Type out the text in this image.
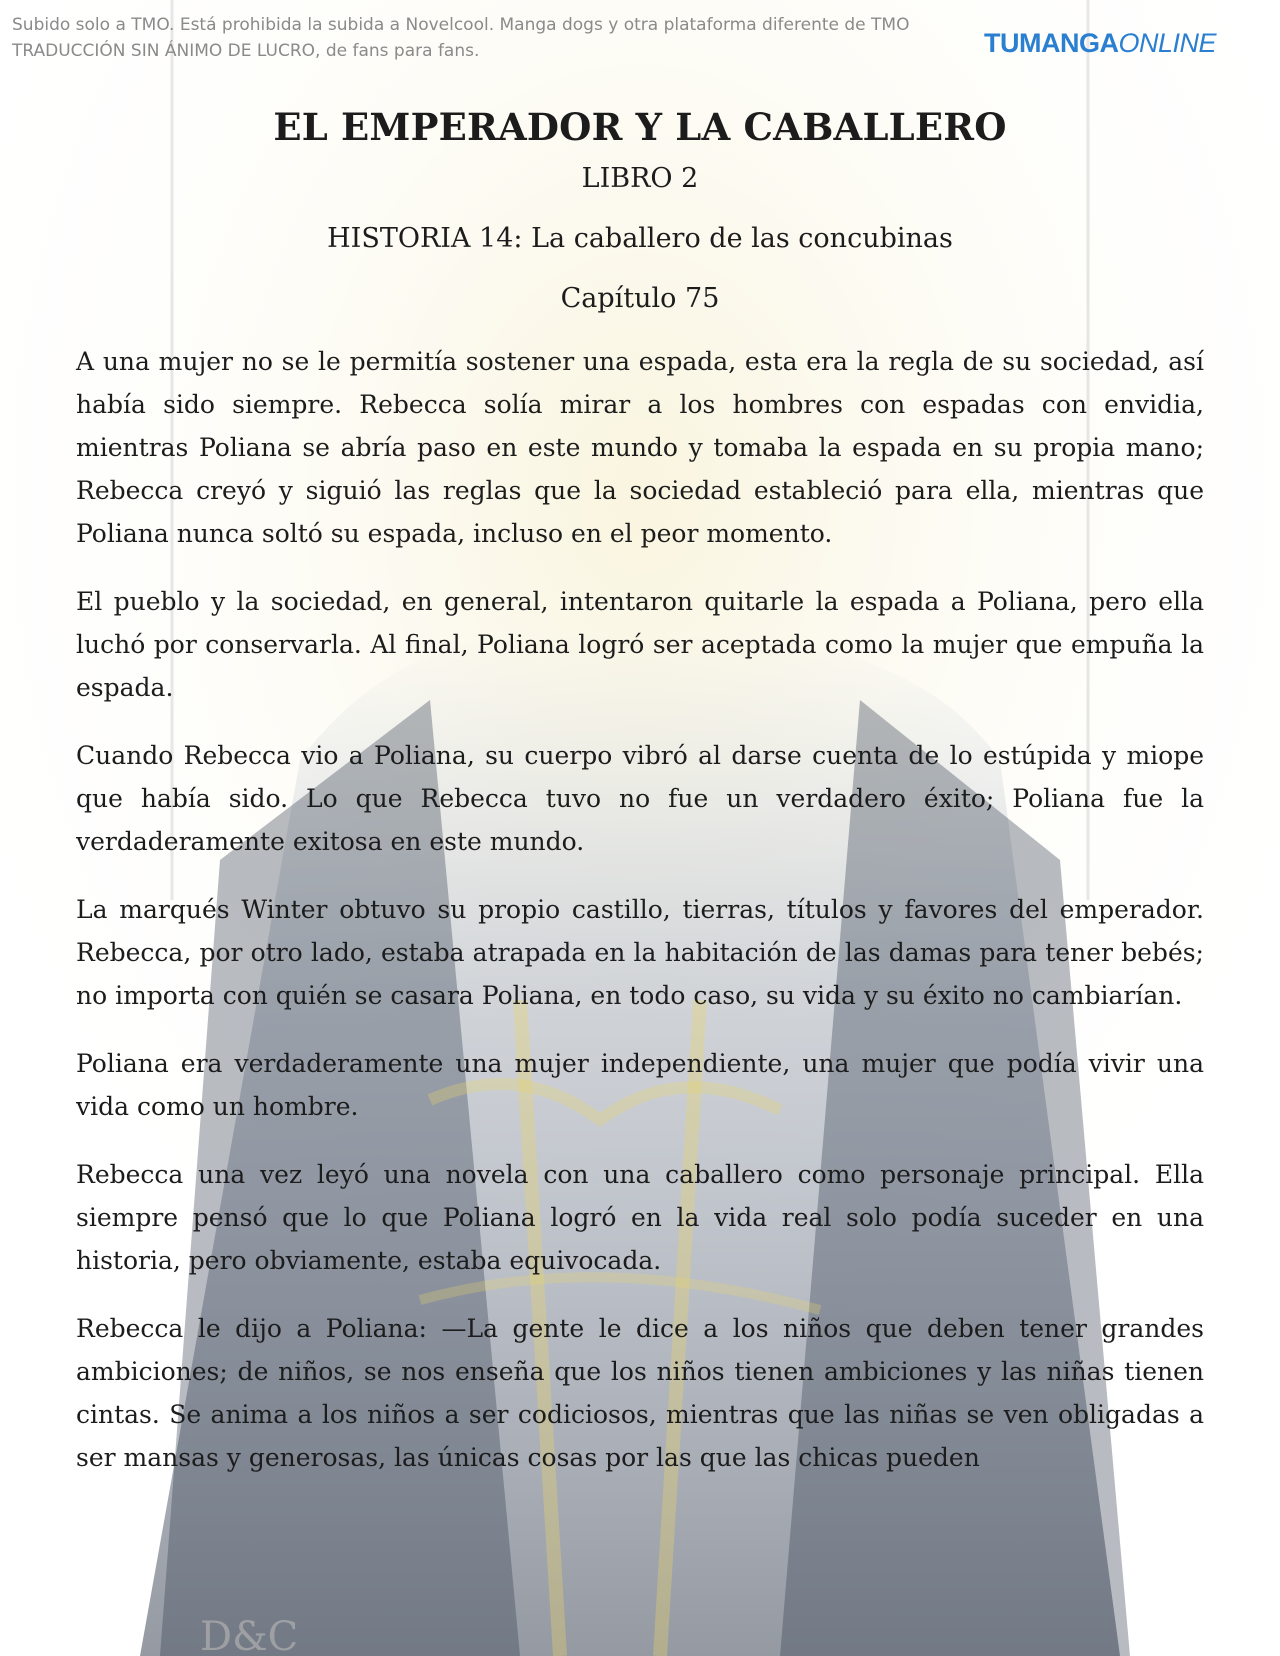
D&C
Subido solo a TMO. Está prohibida la subida a Novelcool. Manga dogs y otra plataforma diferente de TMO
TRADUCCIÓN SIN ÁNIMO DE LUCRO, de fans para fans.	TUMANGAONLINE
EL EMPERADOR Y LA CABALLERO
LIBRO 2
HISTORIA 14: La caballero de las concubinas
Capítulo 75

A una mujer no se le permitía sostener una espada, esta era la regla de su sociedad, así había sido siempre. Rebecca solía mirar a los hombres con espadas con envidia, mientras Poliana se abría paso en este mundo y tomaba la espada en su propia mano; Rebecca creyó y siguió las reglas que la sociedad estableció para ella, mientras que Poliana nunca soltó su espada, incluso en el peor momento.

El pueblo y la sociedad, en general, intentaron quitarle la espada a Poliana, pero ella luchó por conservarla. Al final, Poliana logró ser aceptada como la mujer que empuña la espada.

Cuando Rebecca vio a Poliana, su cuerpo vibró al darse cuenta de lo estúpida y miope que había sido. Lo que Rebecca tuvo no fue un verdadero éxito; Poliana fue la verdaderamente exitosa en este mundo.

La marqués Winter obtuvo su propio castillo, tierras, títulos y favores del emperador. Rebecca, por otro lado, estaba atrapada en la habitación de las damas para tener bebés; no importa con quién se casara Poliana, en todo caso, su vida y su éxito no cambiarían.

Poliana era verdaderamente una mujer independiente, una mujer que podía vivir una vida como un hombre.

Rebecca una vez leyó una novela con una caballero como personaje principal. Ella siempre pensó que lo que Poliana logró en la vida real solo podía suceder en una historia, pero obviamente, estaba equivocada.

Rebecca le dijo a Poliana: —La gente le dice a los niños que deben tener grandes ambiciones; de niños, se nos enseña que los niños tienen ambiciones y las niñas tienen cintas. Se anima a los niños a ser codiciosos, mientras que las niñas se ven obligadas a ser mansas y generosas, las únicas cosas por las que las chicas pueden
